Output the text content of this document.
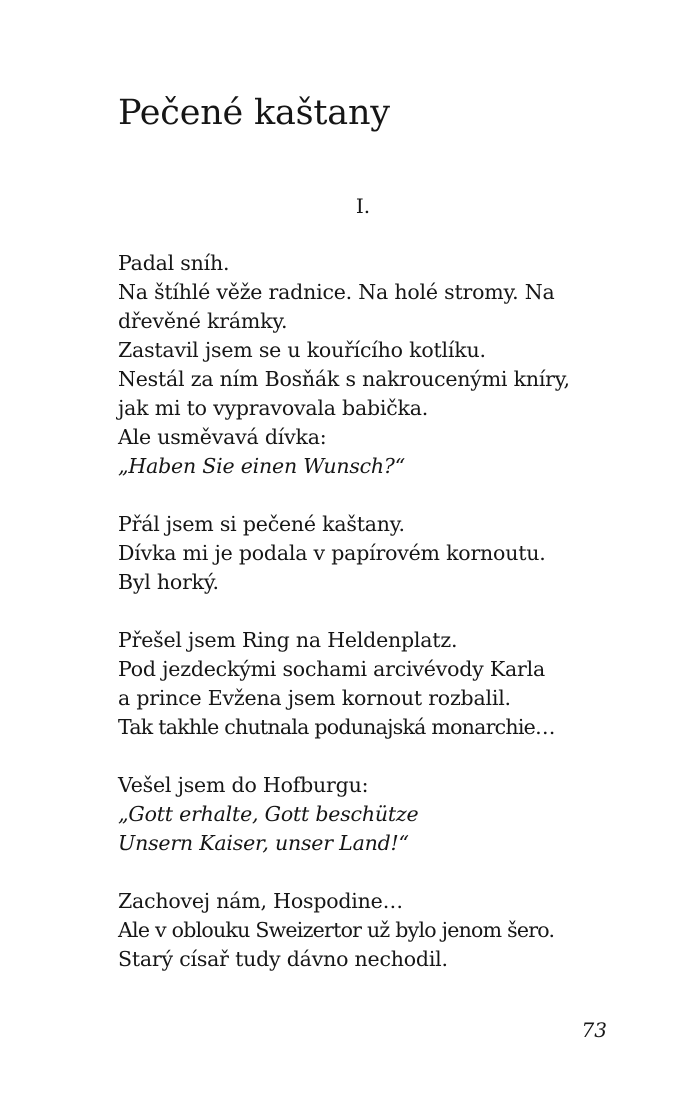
Pečené kaštany
I.
Padal sníh.
Na štíhlé věže radnice. Na holé stromy. Na
dřevěné krámky.
Zastavil jsem se u kouřícího kotlíku.
Nestál za ním Bosňák s nakroucenými kníry,
jak mi to vypravovala babička.
Ale usměvavá dívka:
„Haben Sie einen Wunsch?“
Přál jsem si pečené kaštany.
Dívka mi je podala v papírovém kornoutu.
Byl horký.
Přešel jsem Ring na Heldenplatz.
Pod jezdeckými sochami arcivévody Karla
a prince Evžena jsem kornout rozbalil.
Tak takhle chutnala podunajská monarchie…
Vešel jsem do Hofburgu:
„Gott erhalte, Gott beschütze
Unsern Kaiser, unser Land!“
Zachovej nám, Hospodine…
Ale v oblouku Sweizertor už bylo jenom šero.
Starý císař tudy dávno nechodil.
73
